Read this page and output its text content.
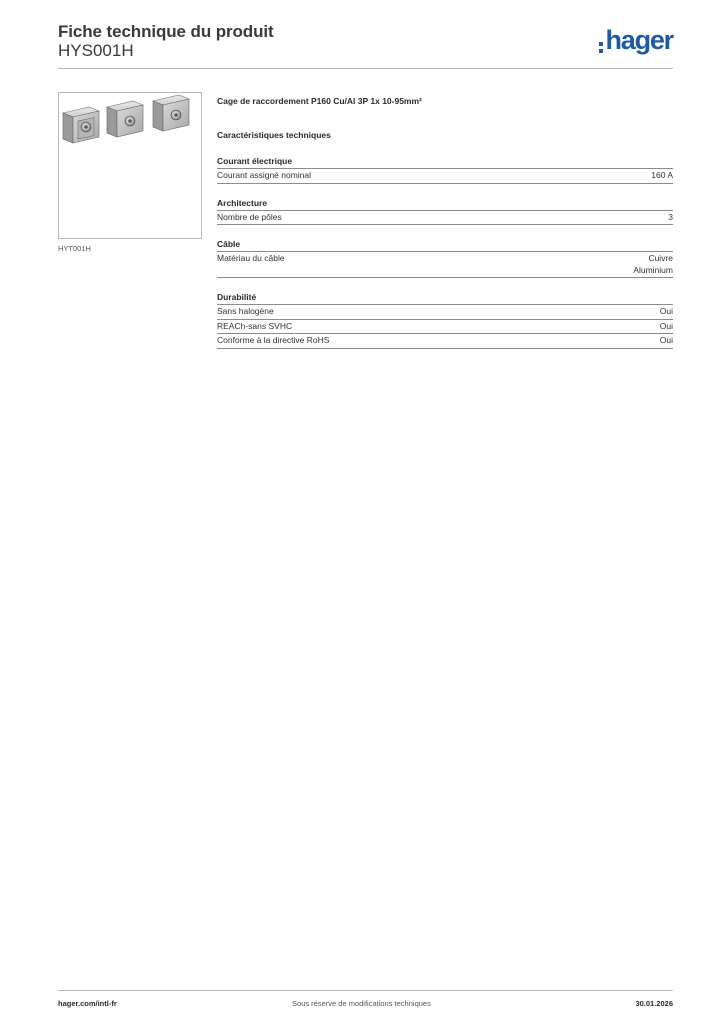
Fiche technique du produit
HYS001H	hager
HYT001H
Cage de raccordement P160 Cu/Al 3P 1x 10-95mm²
Caractéristiques techniques
Courant électrique
Courant assigné nominal	160 A
Architecture
Nombre de pôles	3
Câble
Matériau du câble	Cuivre
Aluminium
Durabilité
Sans halogène	Oui
REACh-sans SVHC	Oui
Conforme à la directive RoHS	Oui
hager.com/intl-fr	Sous réserve de modifications techniques	30.01.2026
